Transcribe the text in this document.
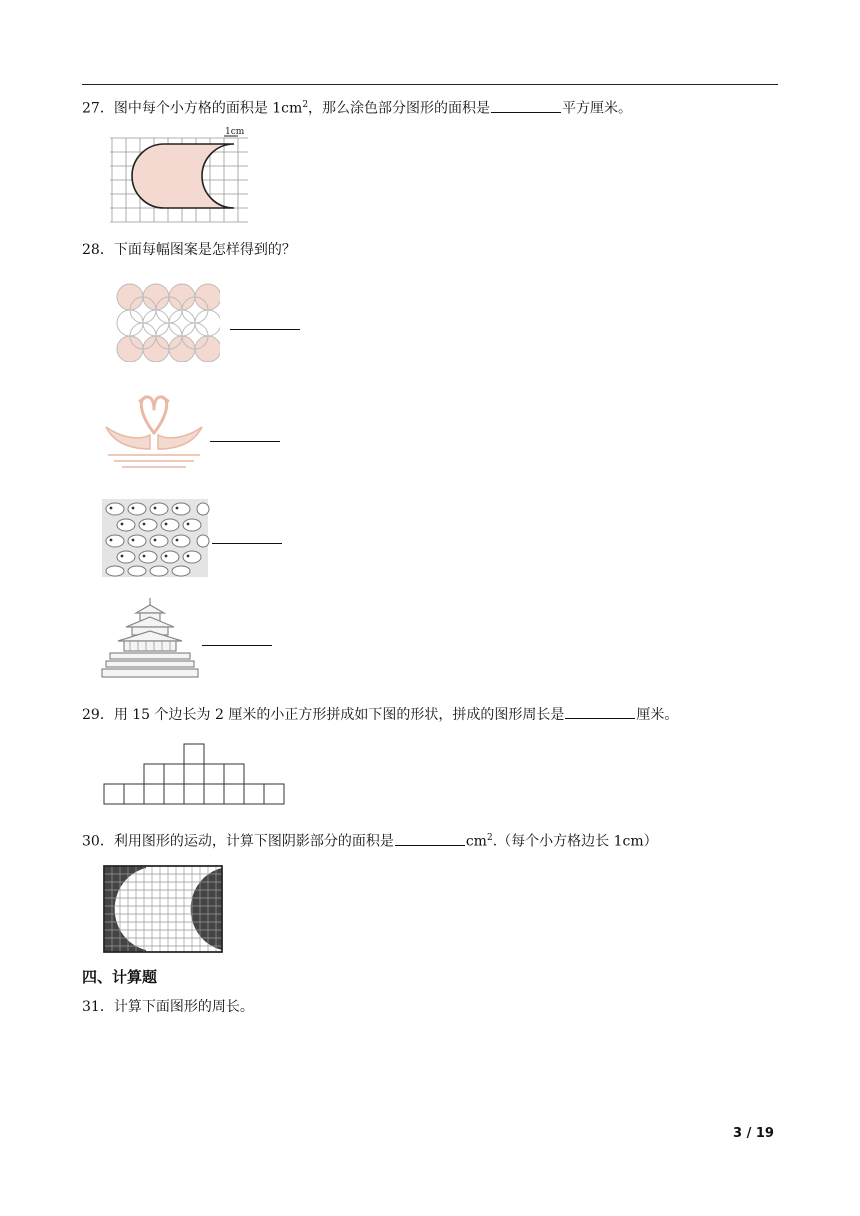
27．图中每个小方格的面积是 $1cm^2$，那么涂色部分图形的面积是	平方厘米。
1cm
28．下面每幅图案是怎样得到的？
29．用 15 个边长为 2 厘米的小正方形拼成如下图的形状，拼成的图形周长是	厘米。
30．利用图形的运动，计算下图阴影部分的面积是	$cm^2$.（每个小方格边长 1cm）
四、计算题
31．计算下面图形的周长。
3 / 19
